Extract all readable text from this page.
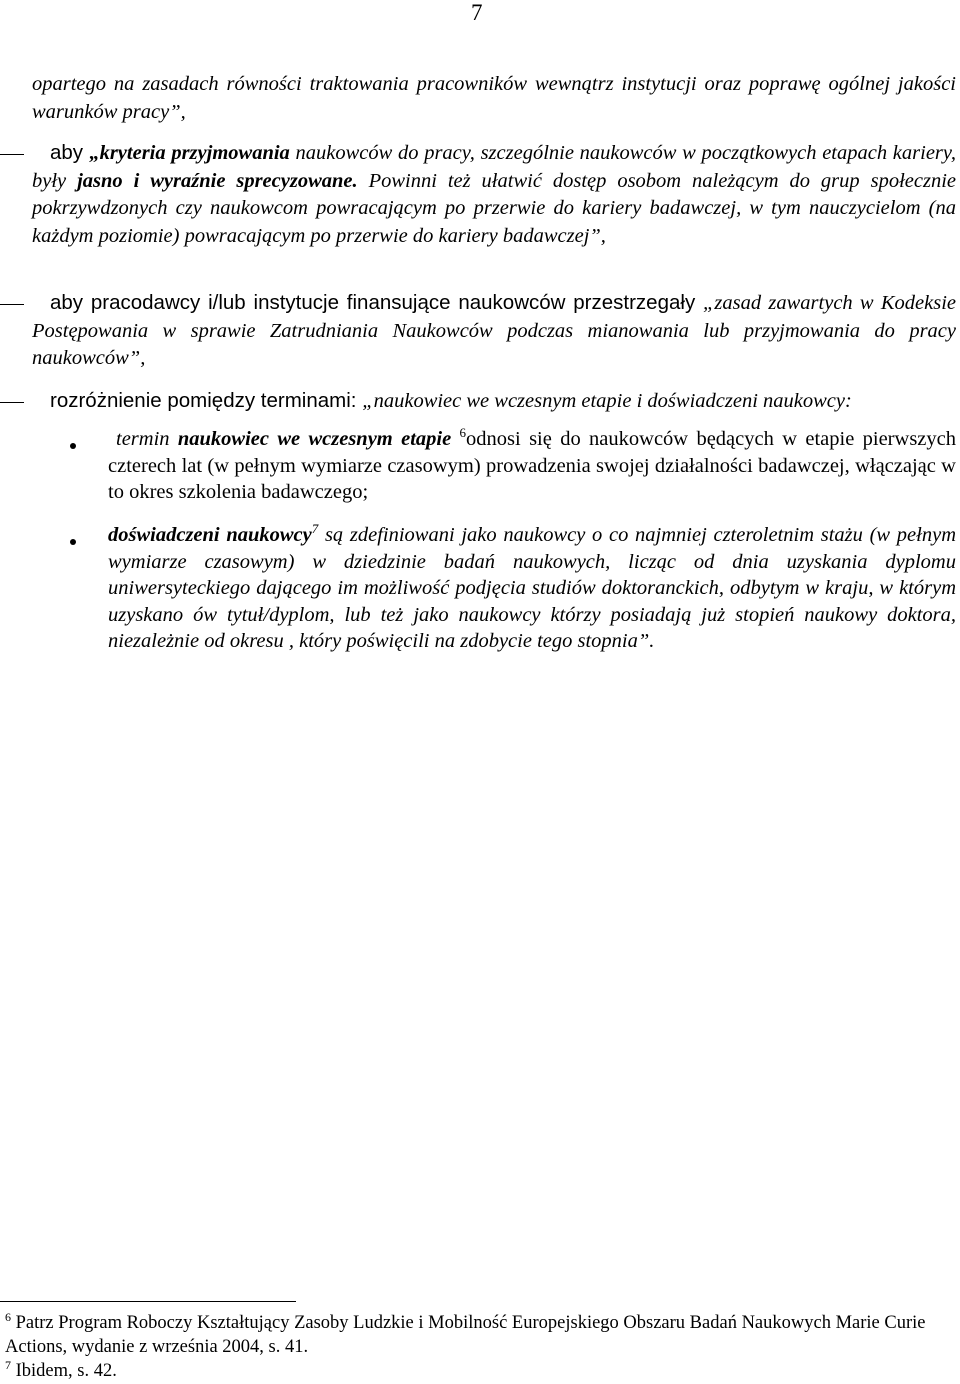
7
opartego na zasadach równości traktowania pracowników wewnątrz instytucji oraz poprawę ogólnej jakości warunków pracy”,
aby „kryteria przyjmowania naukowców do pracy, szczególnie naukowców w początkowych etapach kariery, były jasno i wyraźnie sprecyzowane. Powinni też ułatwić dostęp osobom należącym do grup społecznie pokrzywdzonych czy naukowcom powracającym po przerwie do kariery badawczej, w tym nauczycielom (na każdym poziomie) powracającym po przerwie do kariery badawczej”,
aby pracodawcy i/lub instytucje finansujące naukowców przestrzegały „zasad zawartych w Kodeksie Postępowania w sprawie Zatrudniania Naukowców podczas mianowania lub przyjmowania do pracy naukowców”,
rozróżnienie pomiędzy terminami: „naukowiec we wczesnym etapie i doświadczeni naukowcy:
termin naukowiec we wczesnym etapie $^6$odnosi się do naukowców będących w etapie pierwszych czterech lat (w pełnym wymiarze czasowym) prowadzenia swojej działalności badawczej, włączając w to okres szkolenia badawczego;
doświadczeni naukowcy$^7$ są zdefiniowani jako naukowcy o co najmniej czteroletnim stażu (w pełnym wymiarze czasowym) w dziedzinie badań naukowych, licząc od dnia uzyskania dyplomu uniwersyteckiego dającego im możliwość podjęcia studiów doktoranckich, odbytym w kraju, w którym uzyskano ów tytuł/dyplom, lub też jako naukowcy którzy posiadają już stopień naukowy doktora, niezależnie od okresu , który poświęcili na zdobycie tego stopnia”.
$^6$ Patrz Program Roboczy Kształtujący Zasoby Ludzkie i Mobilność Europejskiego Obszaru Badań Naukowych Marie Curie Actions, wydanie z września 2004, s. 41.
$^7$ Ibidem, s. 42.
